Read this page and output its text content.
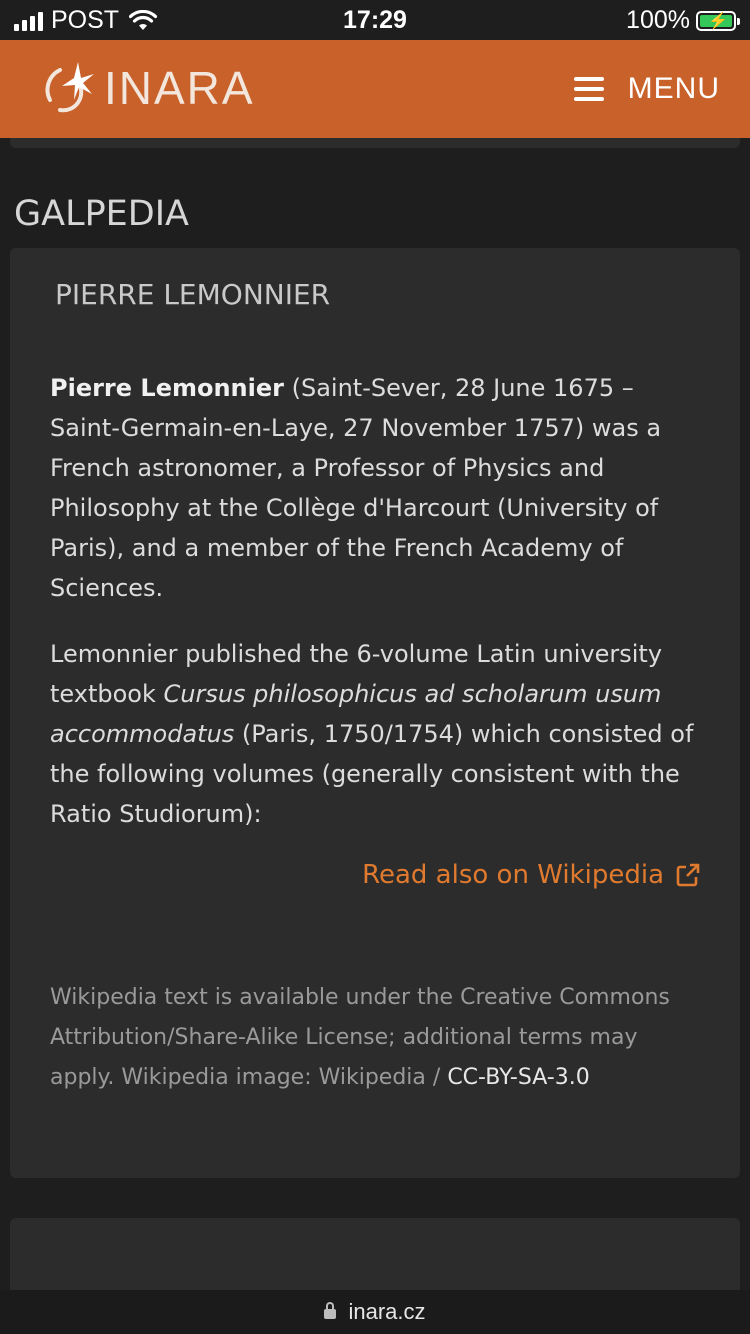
POST	17:29	100% ⚡
INARA	MENU
GALPEDIA
PIERRE LEMONNIER

Pierre Lemonnier (Saint-Sever, 28 June 1675 – Saint-Germain-en-Laye, 27 November 1757) was a French astronomer, a Professor of Physics and Philosophy at the Collège d'Harcourt (University of Paris), and a member of the French Academy of Sciences.

Lemonnier published the 6-volume Latin university textbook Cursus philosophicus ad scholarum usum accommodatus (Paris, 1750/1754) which consisted of the following volumes (generally consistent with the Ratio Studiorum):

Read also on Wikipedia
Wikipedia text is available under the Creative Commons Attribution/Share-Alike License; additional terms may apply. Wikipedia image: Wikipedia / CC-BY-SA-3.0
inara.cz
